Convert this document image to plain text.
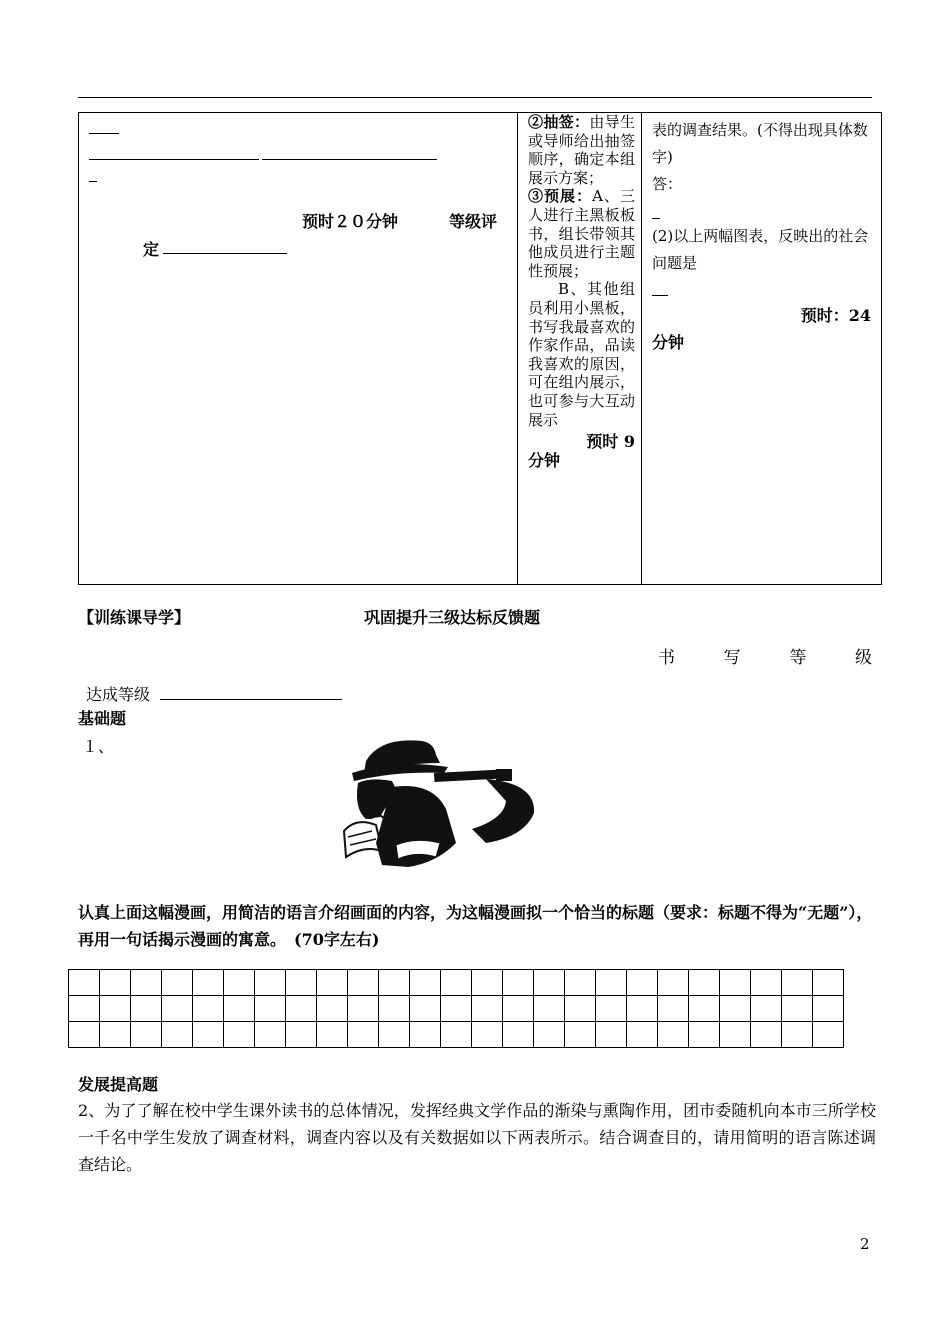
预时２０分钟	等级评
定

②抽签：由导生或导师给出抽签顺序，确定本组展示方案；
③预展：A、三人进行主黑板板书，组长带领其他成员进行主题性预展；
B、其他组员利用小黑板，书写我最喜欢的作家作品，品读我喜欢的原因，可在组内展示，也可参与大互动展示
预时 9
分钟

表的调查结果。(不得出现具体数字)
答：
(2)以上两幅图表，反映出的社会问题是
预时：24
分钟
【训练课导学】	巩固提升三级达标反馈题
书	写	等	级
达成等级
基础题
１、
认真上面这幅漫画，用简洁的语言介绍画面的内容，为这幅漫画拟一个恰当的标题（要求：标题不得为“无题”），再用一句话揭示漫画的寓意。　(70字左右)

发展提高题
2、为了了解在校中学生课外读书的总体情况，发挥经典文学作品的渐染与熏陶作用，团市委随机向本市三所学校一千名中学生发放了调查材料，调查内容以及有关数据如以下两表所示。结合调查目的，请用简明的语言陈述调查结论。
2
